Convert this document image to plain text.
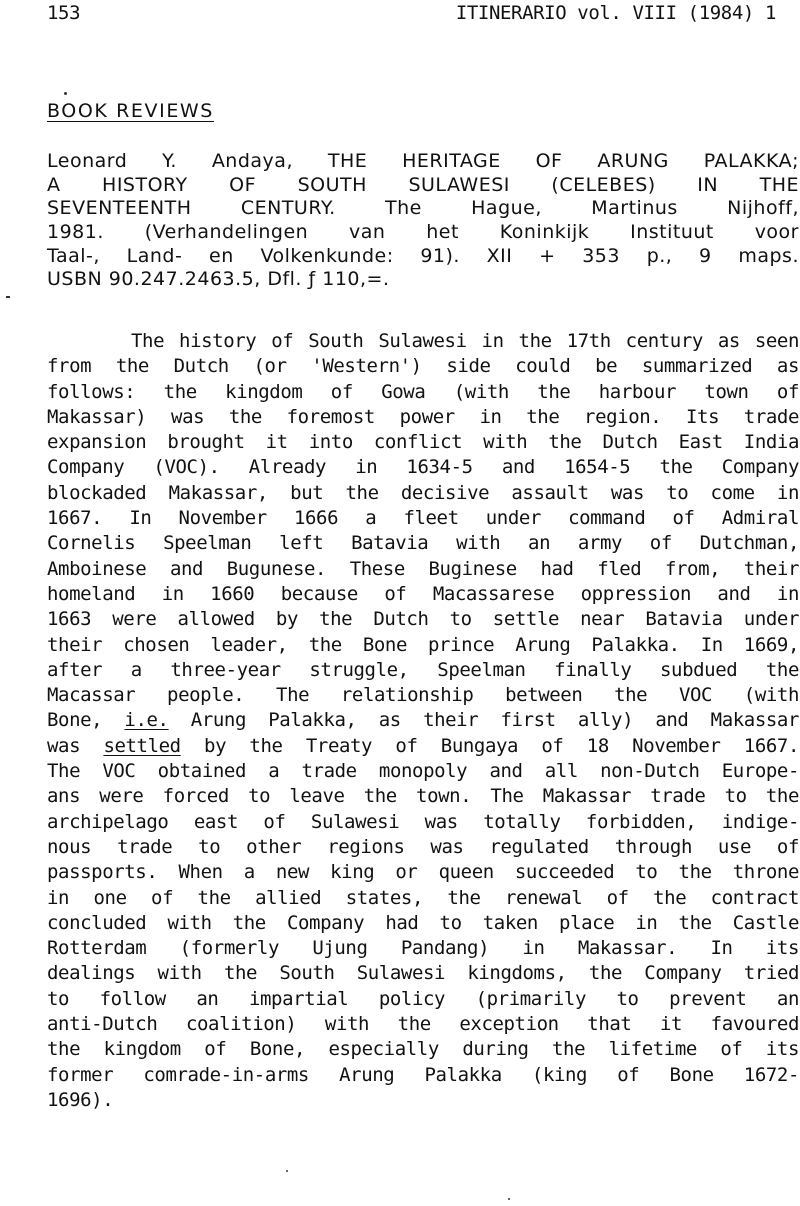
153	ITINERARIO vol. VIII (1984) 1
BOOK REVIEWS

Leonard Y. Andaya, THE HERITAGE OF ARUNG PALAKKA;
A HISTORY OF SOUTH SULAWESI (CELEBES) IN THE
SEVENTEENTH CENTURY. The Hague, Martinus Nijhoff,
1981. (Verhandelingen van het Koninkijk Instituut voor
Taal-, Land- en Volkenkunde: 91). XII + 353 p., 9 maps.
USBN 90.247.2463.5, Dfl. ƒ 110,=.

The history of South Sulawesi in the 17th century as seen
from the Dutch (or 'Western') side could be summarized as
follows: the kingdom of Gowa (with the harbour town of
Makassar) was the foremost power in the region. Its trade
expansion brought it into conflict with the Dutch East India
Company (VOC). Already in 1634-5 and 1654-5 the Company
blockaded Makassar, but the decisive assault was to come in
1667. In November 1666 a fleet under command of Admiral
Cornelis Speelman left Batavia with an army of Dutchman,
Amboinese and Bugunese. These Buginese had fled from, their
homeland in 1660 because of Macassarese oppression and in
1663 were allowed by the Dutch to settle near Batavia under
their chosen leader, the Bone prince Arung Palakka. In 1669,
after a three-year struggle, Speelman finally subdued the
Macassar people. The relationship between the VOC (with
Bone, i.e. Arung Palakka, as their first ally) and Makassar
was settled by the Treaty of Bungaya of 18 November 1667.
The VOC obtained a trade monopoly and all non-Dutch Europe-
ans were forced to leave the town. The Makassar trade to the
archipelago east of Sulawesi was totally forbidden, indige-
nous trade to other regions was regulated through use of
passports. When a new king or queen succeeded to the throne
in one of the allied states, the renewal of the contract
concluded with the Company had to taken place in the Castle
Rotterdam (formerly Ujung Pandang) in Makassar. In its
dealings with the South Sulawesi kingdoms, the Company tried
to follow an impartial policy (primarily to prevent an
anti-Dutch coalition) with the exception that it favoured
the kingdom of Bone, especially during the lifetime of its
former comrade-in-arms Arung Palakka (king of Bone 1672-
1696).
